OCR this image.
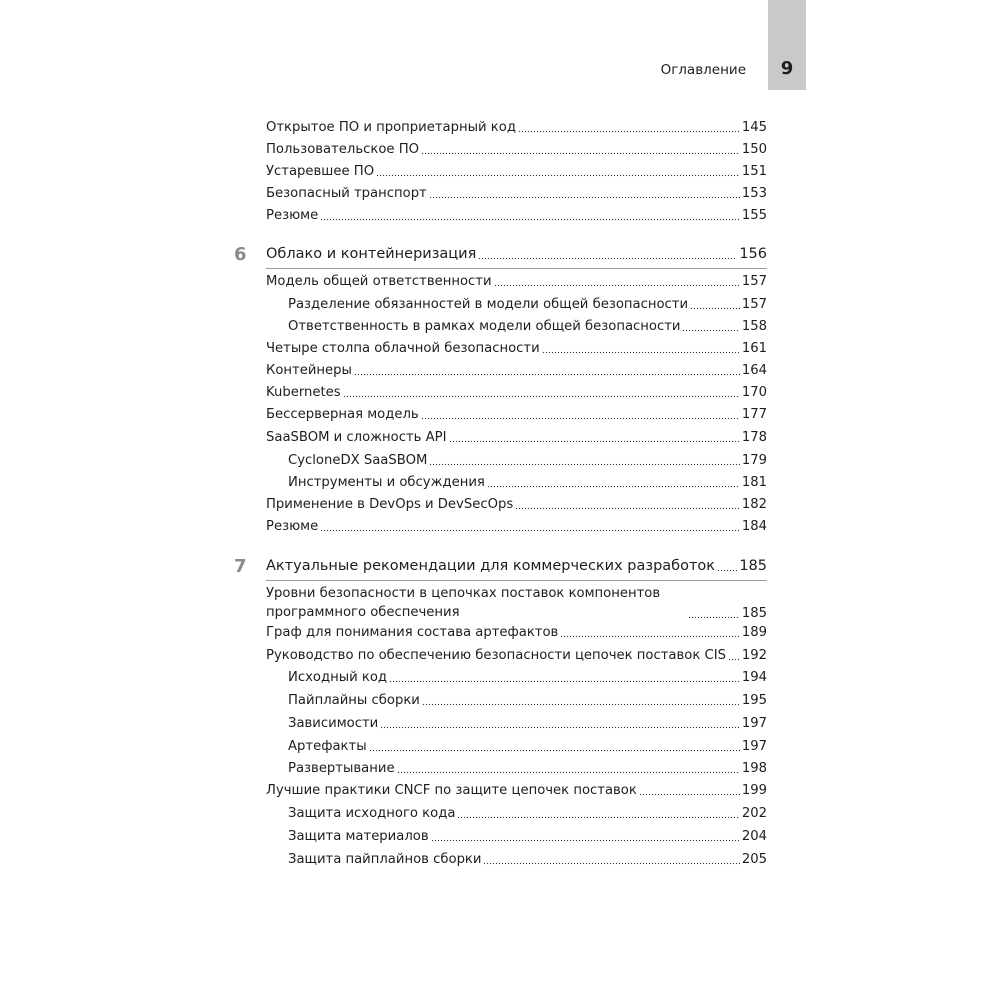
9
Оглавление
Открытое ПО и проприетарный код	145
Пользовательское ПО	150
Устаревшее ПО	151
Безопасный транспорт	153
Резюме	155
6 Облако и контейнеризация	156
Модель общей ответственности	157
Разделение обязанностей в модели общей безопасности	157
Ответственность в рамках модели общей безопасности	158
Четыре столпа облачной безопасности	161
Контейнеры	164
Kubernetes	170
Бессерверная модель	177
SaaSBOM и сложность API	178
CycloneDX SaaSBOM	179
Инструменты и обсуждения	181
Применение в DevOps и DevSecOps	182
Резюме	184
7 Актуальные рекомендации для коммерческих разработок 185
Уровни безопасности в цепочках поставок компонентов программного обеспечения	185
Граф для понимания состава артефактов	189
Руководство по обеспечению безопасности цепочек поставок CIS 192
Исходный код	194
Пайплайны сборки	195
Зависимости	197
Артефакты	197
Развертывание	198
Лучшие практики CNCF по защите цепочек поставок	199
Защита исходного кода	202
Защита материалов	204
Защита пайплайнов сборки	205
